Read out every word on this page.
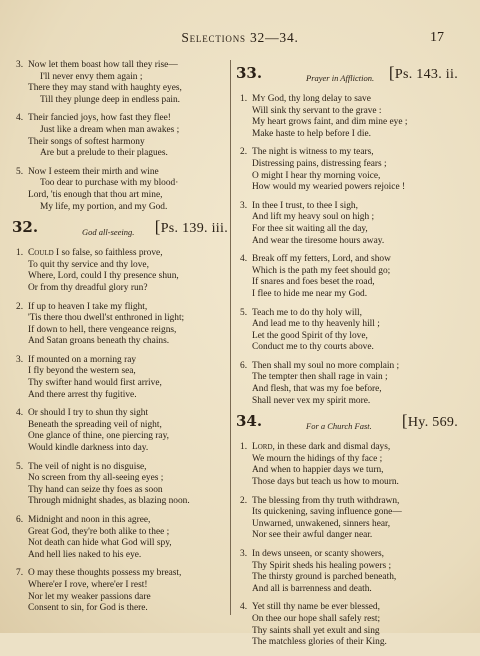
Selections 32—34.	17
3. Now let them boast how tall they rise—
I'll never envy them again ;
There they may stand with haughty eyes,
Till they plunge deep in endless pain.
4. Their fancied joys, how fast they flee!
Just like a dream when man awakes ;
Their songs of softest harmony
Are but a prelude to their plagues.
5. Now I esteem their mirth and wine
Too dear to purchase with my blood·
Lord, 'tis enough that thou art mine,
My life, my portion, and my God.
32.	God all-seeing. [Ps. 139. iii.
1. Could I so false, so faithless prove,
To quit thy service and thy love,
Where, Lord, could I thy presence shun,
Or from thy dreadful glory run?
2. If up to heaven I take my flight,
'Tis there thou dwell'st enthroned in light;
If down to hell, there vengeance reigns,
And Satan groans beneath thy chains.
3. If mounted on a morning ray
I fly beyond the western sea,
Thy swifter hand would first arrive,
And there arrest thy fugitive.
4. Or should I try to shun thy sight
Beneath the spreading veil of night,
One glance of thine, one piercing ray,
Would kindle darkness into day.
5. The veil of night is no disguise,
No screen from thy all-seeing eyes ;
Thy hand can seize thy foes as soon
Through midnight shades, as blazing noon.
6. Midnight and noon in this agree,
Great God, they're both alike to thee ;
Not death can hide what God will spy,
And hell lies naked to his eye.
7. O may these thoughts possess my breast,
Where'er I rove, where'er I rest!
Nor let my weaker passions dare
Consent to sin, for God is there.
33.	Prayer in Affliction. [Ps. 143. ii.
1. My God, thy long delay to save
Will sink thy servant to the grave :
My heart grows faint, and dim mine eye ;
Make haste to help before I die.
2. The night is witness to my tears,
Distressing pains, distressing fears ;
O might I hear thy morning voice,
How would my wearied powers rejoice !
3. In thee I trust, to thee I sigh,
And lift my heavy soul on high ;
For thee sit waiting all the day,
And wear the tiresome hours away.
4. Break off my fetters, Lord, and show
Which is the path my feet should go;
If snares and foes beset the road,
I flee to hide me near my God.
5. Teach me to do thy holy will,
And lead me to thy heavenly hill ;
Let the good Spirit of thy love,
Conduct me to thy courts above.
6. Then shall my soul no more complain ;
The tempter then shall rage in vain ;
And flesh, that was my foe before,
Shall never vex my spirit more.
34.	For a Church Fast. [Hy. 569.
1. Lord, in these dark and dismal days,
We mourn the hidings of thy face ;
And when to happier days we turn,
Those days but teach us how to mourn.
2. The blessing from thy truth withdrawn,
Its quickening, saving influence gone—
Unwarned, unwakened, sinners hear,
Nor see their awful danger near.
3. In dews unseen, or scanty showers,
Thy Spirit sheds his healing powers ;
The thirsty ground is parched beneath,
And all is barrenness and death.
4. Yet still thy name be ever blessed,
On thee our hope shall safely rest;
Thy saints shall yet exult and sing
The matchless glories of their King.
